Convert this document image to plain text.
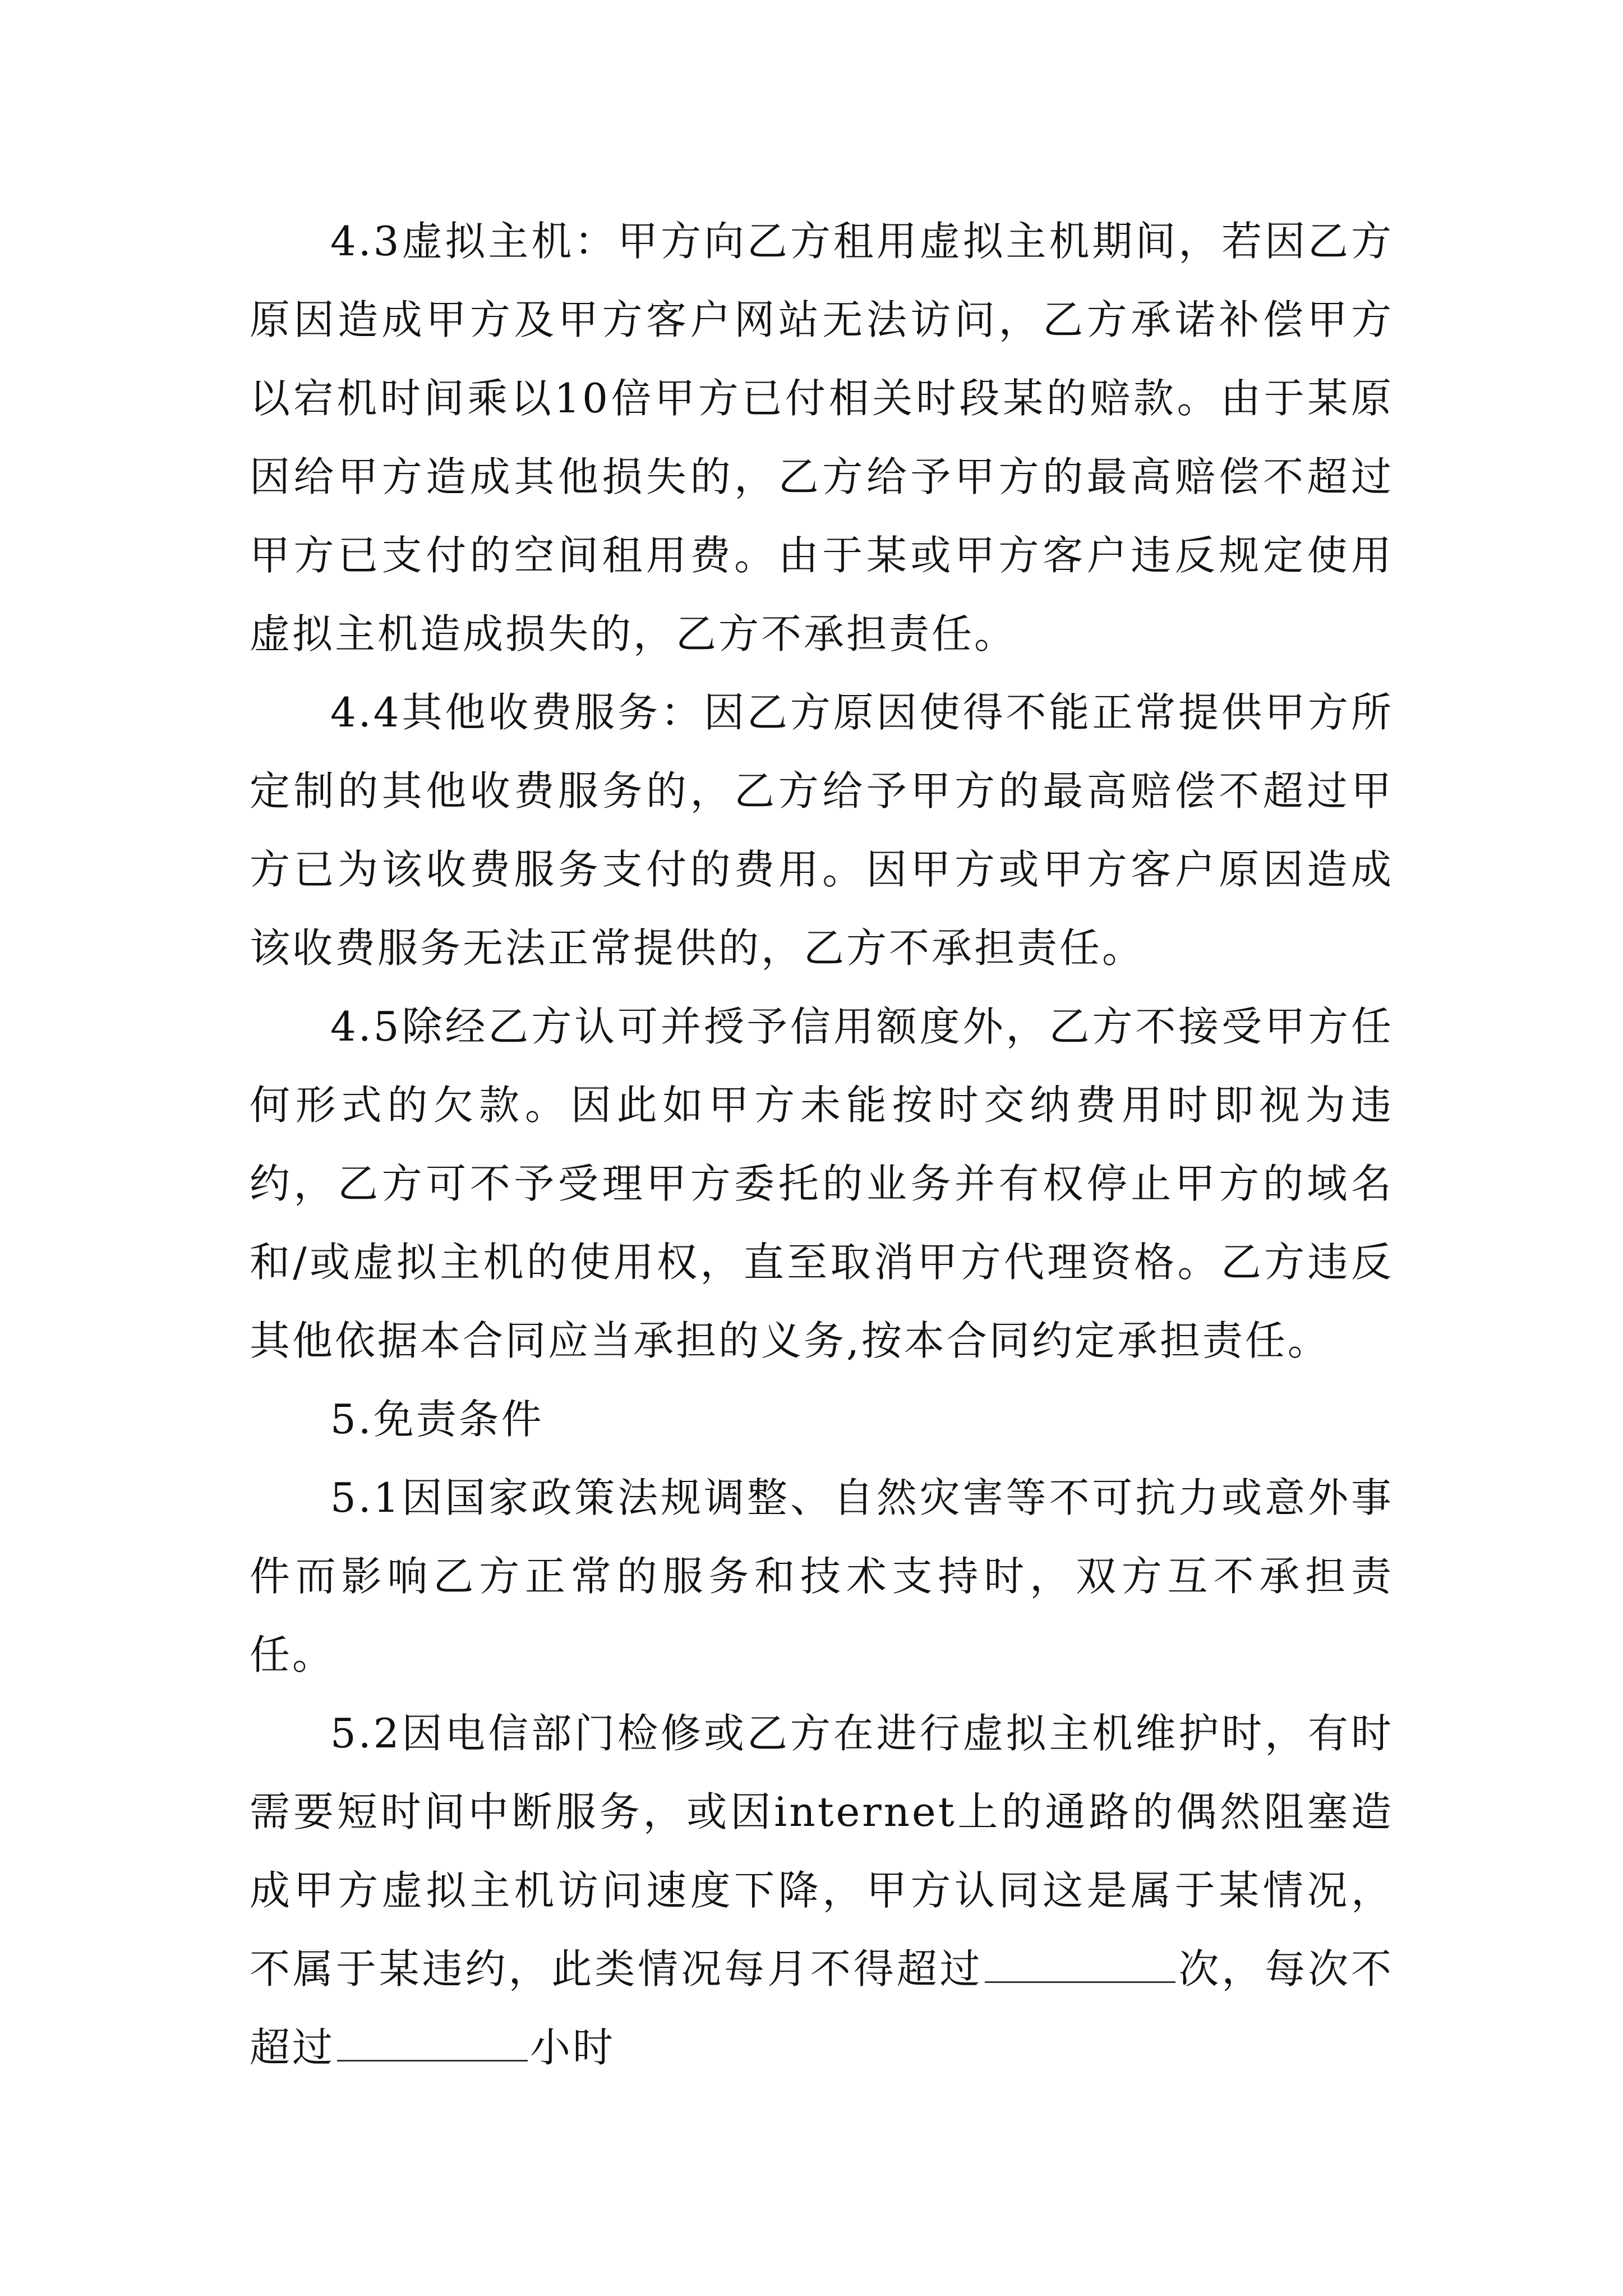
4.3虚拟主机：甲方向乙方租用虚拟主机期间，若因乙方原因造成甲方及甲方客户网站无法访问，乙方承诺补偿甲方以宕机时间乘以10倍甲方已付相关时段某的赔款。由于某原因给甲方造成其他损失的，乙方给予甲方的最高赔偿不超过甲方已支付的空间租用费。由于某或甲方客户违反规定使用虚拟主机造成损失的，乙方不承担责任。

4.4其他收费服务：因乙方原因使得不能正常提供甲方所定制的其他收费服务的，乙方给予甲方的最高赔偿不超过甲方已为该收费服务支付的费用。因甲方或甲方客户原因造成该收费服务无法正常提供的，乙方不承担责任。

4.5除经乙方认可并授予信用额度外，乙方不接受甲方任何形式的欠款。因此如甲方未能按时交纳费用时即视为违约，乙方可不予受理甲方委托的业务并有权停止甲方的域名和/或虚拟主机的使用权，直至取消甲方代理资格。乙方违反其他依据本合同应当承担的义务,按本合同约定承担责任。

5.免责条件

5.1因国家政策法规调整、自然灾害等不可抗力或意外事件而影响乙方正常的服务和技术支持时，双方互不承担责任。

5.2因电信部门检修或乙方在进行虚拟主机维护时，有时需要短时间中断服务，或因internet上的通路的偶然阻塞造成甲方虚拟主机访问速度下降，甲方认同这是属于某情况，不属于某违约，此类情况每月不得超过	次，每次不超过	小时
